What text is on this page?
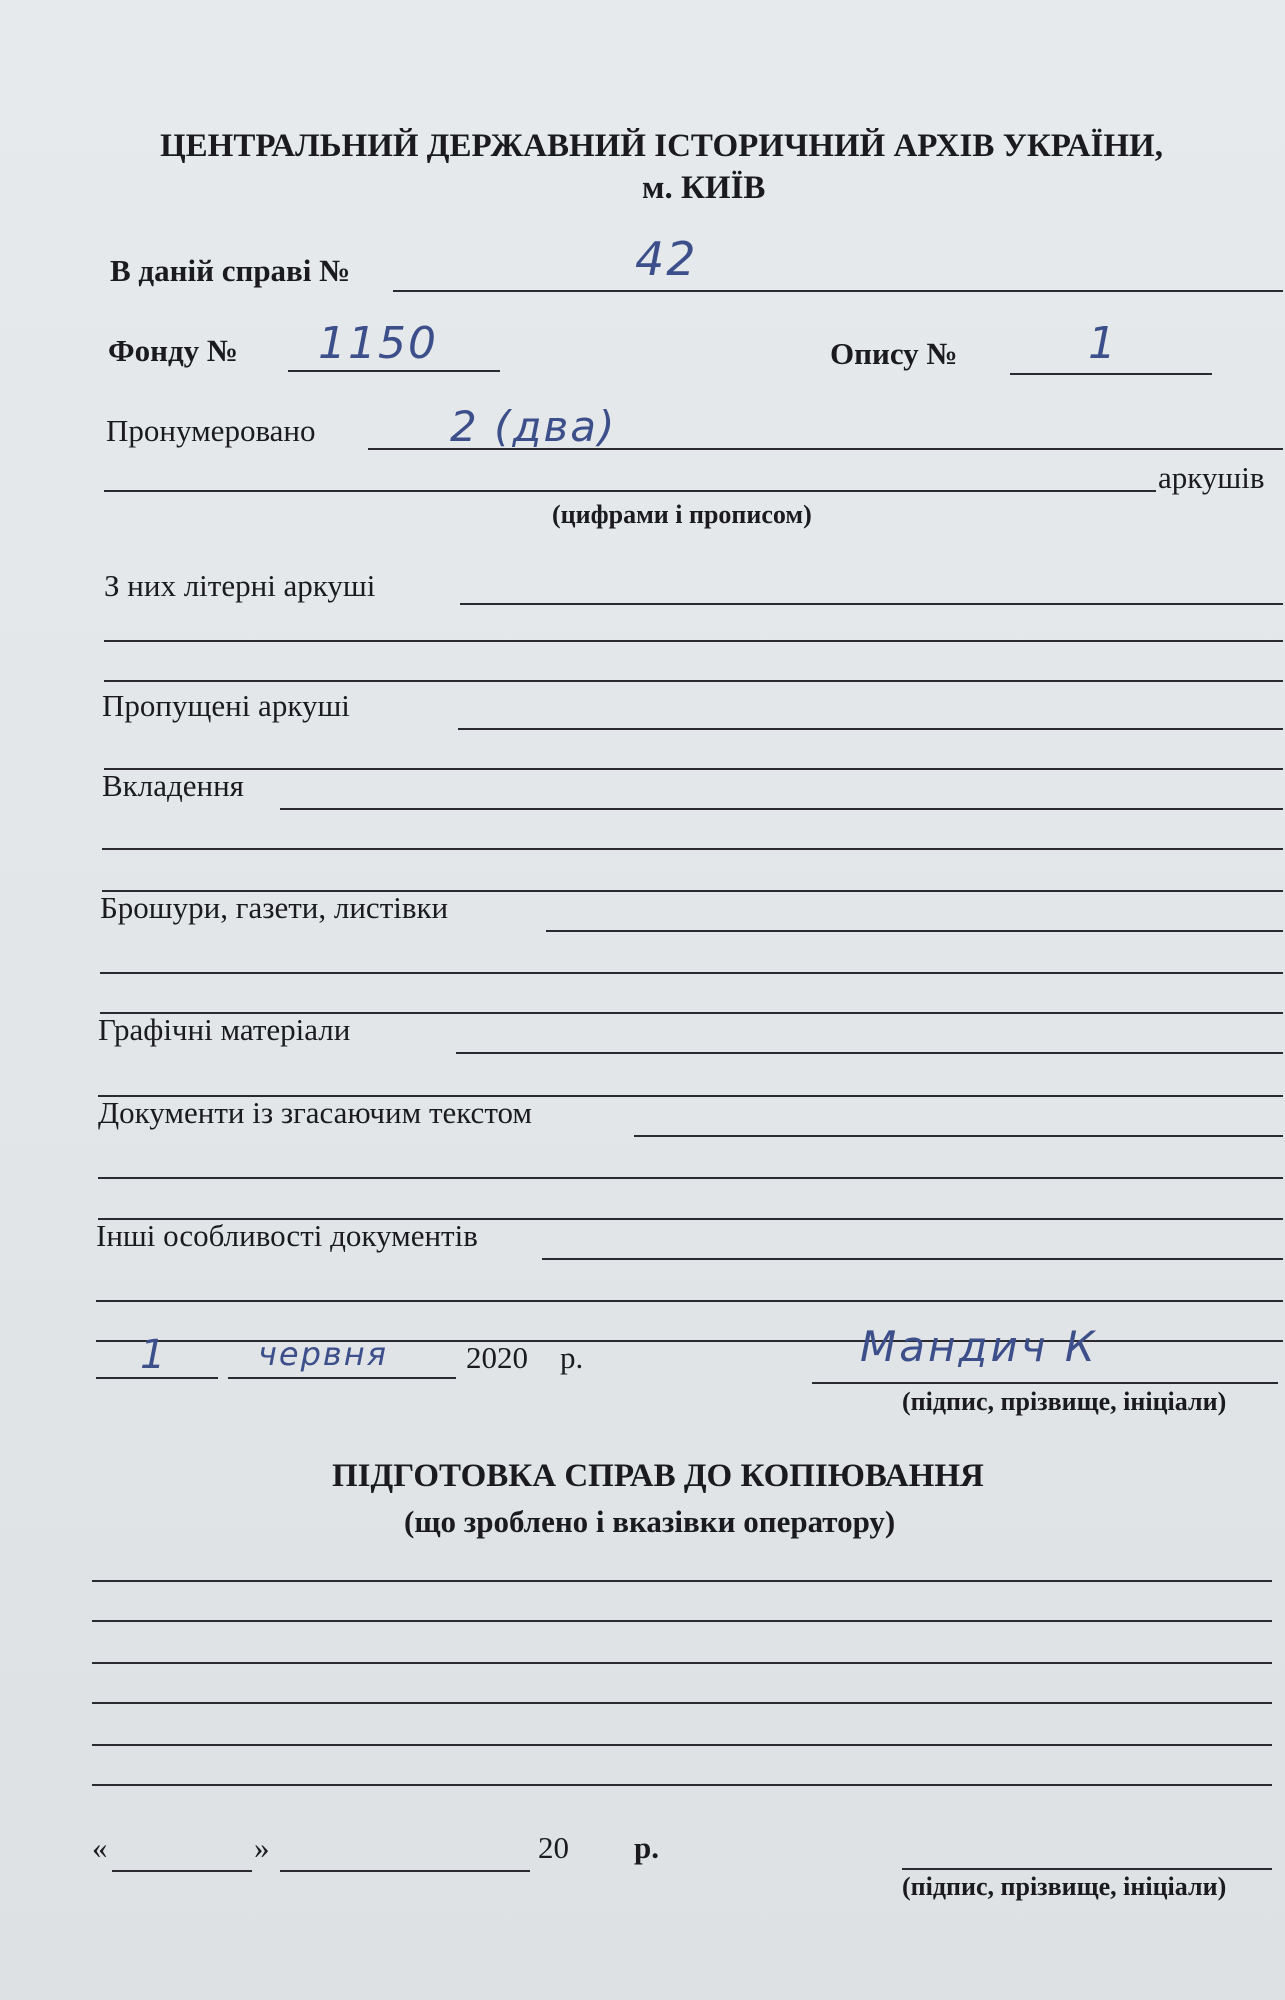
ЦЕНТРАЛЬНИЙ ДЕРЖАВНИЙ ІСТОРИЧНИЙ АРХІВ УКРАЇНИ,
м. КИЇВ
В даній справі №	42
Фонду № 1150	Опису №	1
Пронумеровано	2 (два)
аркушів
(цифрами і прописом)
З них літерні аркуші
Пропущені аркуші
Вкладення
Брошури, газети, листівки
Графічні матеріали
Документи із згасаючим текстом
Інші особливості документів
1	червня	2020 р.	Мандич К
(підпис, прізвище, ініціали)
ПІДГОТОВКА СПРАВ ДО КОПІЮВАННЯ
(що зроблено і вказівки оператору)
«	»	20 р.
(підпис, прізвище, ініціали)
